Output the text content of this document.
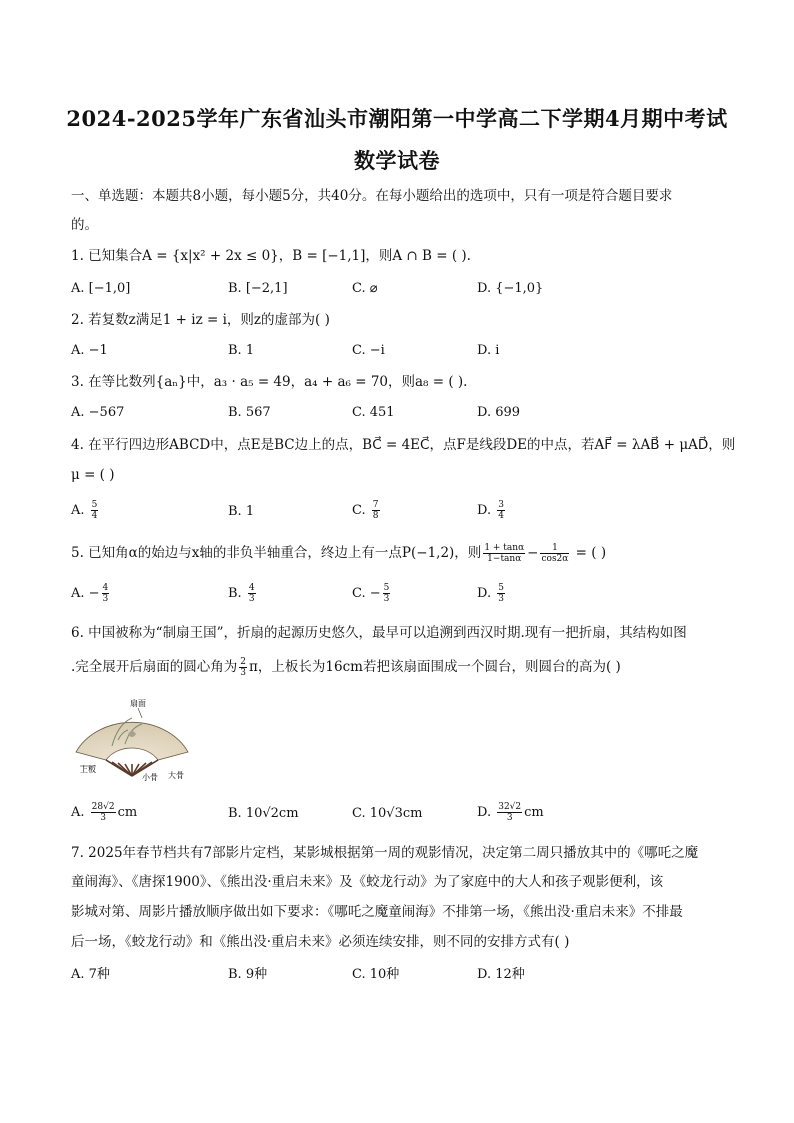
2024-2025学年广东省汕头市潮阳第一中学高二下学期4月期中考试
数学试卷
一、单选题：本题共8小题，每小题5分，共40分。在每小题给出的选项中，只有一项是符合题目要求
的。
1. 已知集合A = {x|x² + 2x ≤ 0}，B = [−1,1]，则A ∩ B = ( ).
A. [−1,0]	B. [−2,1]	C. ⌀	D. {−1,0}
2. 若复数z满足1 + iz = i，则z的虚部为( )
A. −1	B. 1	C. −i	D. i
3. 在等比数列{aₙ}中，a₃ · a₅ = 49，a₄ + a₆ = 70，则a₈ = ( ).
A. −567	B. 567	C. 451	D. 699
4. 在平行四边形ABCD中，点E是BC边上的点，BC⃗ = 4EC⃗，点F是线段DE的中点，若AF⃗ = λAB⃗ + μAD⃗，则
μ = ( )
A. $\frac{5}{4}$	B. 1	C. $\frac{7}{8}$	D. $\frac{3}{4}$
5. 已知角α的始边与x轴的非负半轴重合，终边上有一点P(−1,2)，则 $\frac{1 + \tan\alpha}{1-\tan\alpha} - \frac{1}{\cos 2\alpha}$ = ( )
A. − $\frac{4}{3}$	B. $\frac{4}{3}$	C. − $\frac{5}{3}$	D. $\frac{5}{3}$
6. 中国被称为“制扇王国”，折扇的起源历史悠久，最早可以追溯到西汉时期.现有一把折扇，其结构如图
.完全展开后扇面的圆心角为 $\frac{2}{3}$ π，上板长为16cm若把该扇面围成一个圆台，则圆台的高为( )
扇面
上板
小骨 大骨
A. $\frac{28√2}{3}$ cm	B. 10√2cm	C. 10√3cm	D. $\frac{32√2}{3}$ cm
7. 2025年春节档共有7部影片定档，某影城根据第一周的观影情况，决定第二周只播放其中的《哪吒之魔
童闹海》、《唐探1900》、《熊出没·重启未来》及《蛟龙行动》为了家庭中的大人和孩子观影便利，该
影城对第、周影片播放顺序做出如下要求：《哪吒之魔童闹海》不排第一场，《熊出没·重启未来》不排最
后一场，《蛟龙行动》和《熊出没·重启未来》必须连续安排，则不同的安排方式有( )
A. 7种	B. 9种	C. 10种	D. 12种
